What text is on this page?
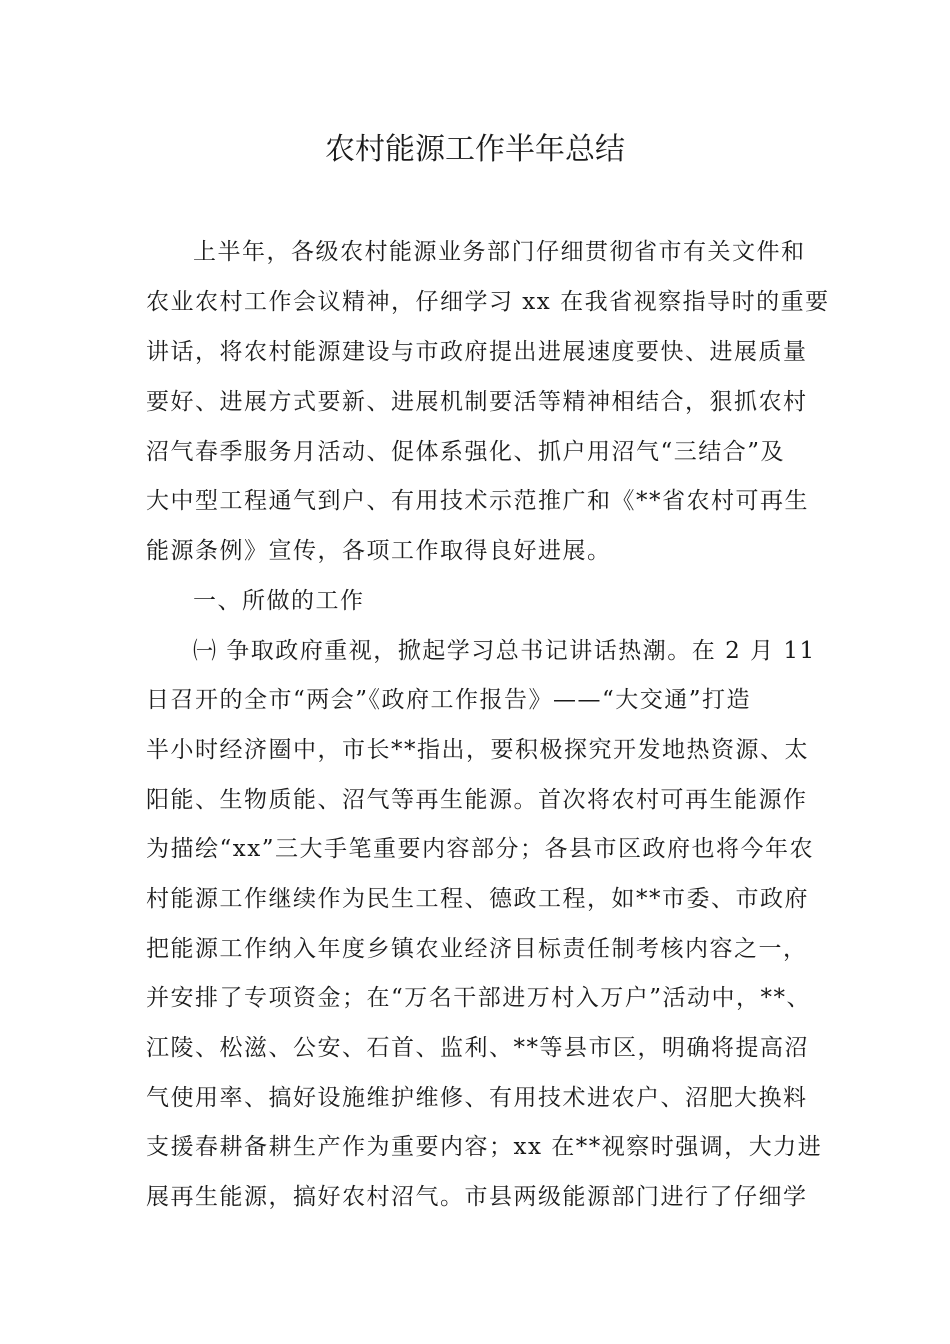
农村能源工作半年总结
上半年，各级农村能源业务部门仔细贯彻省市有关文件和
农业农村工作会议精神，仔细学习 xx 在我省视察指导时的重要
讲话，将农村能源建设与市政府提出进展速度要快、进展质量
要好、进展方式要新、进展机制要活等精神相结合，狠抓农村
沼气春季服务月活动、促体系强化、抓户用沼气“三结合”及
大中型工程通气到户、有用技术示范推广和《**省农村可再生
能源条例》宣传，各项工作取得良好进展。
一、所做的工作
㈠ 争取政府重视，掀起学习总书记讲话热潮。在 2 月 11
日召开的全市“两会”《政府工作报告》——“大交通”打造
半小时经济圈中，市长**指出，要积极探究开发地热资源、太
阳能、生物质能、沼气等再生能源。首次将农村可再生能源作
为描绘“xx”三大手笔重要内容部分；各县市区政府也将今年农
村能源工作继续作为民生工程、德政工程，如**市委、市政府
把能源工作纳入年度乡镇农业经济目标责任制考核内容之一，
并安排了专项资金；在“万名干部进万村入万户”活动中，**、
江陵、松滋、公安、石首、监利、**等县市区，明确将提高沼
气使用率、搞好设施维护维修、有用技术进农户、沼肥大换料
支援春耕备耕生产作为重要内容；xx 在**视察时强调，大力进
展再生能源，搞好农村沼气。市县两级能源部门进行了仔细学
